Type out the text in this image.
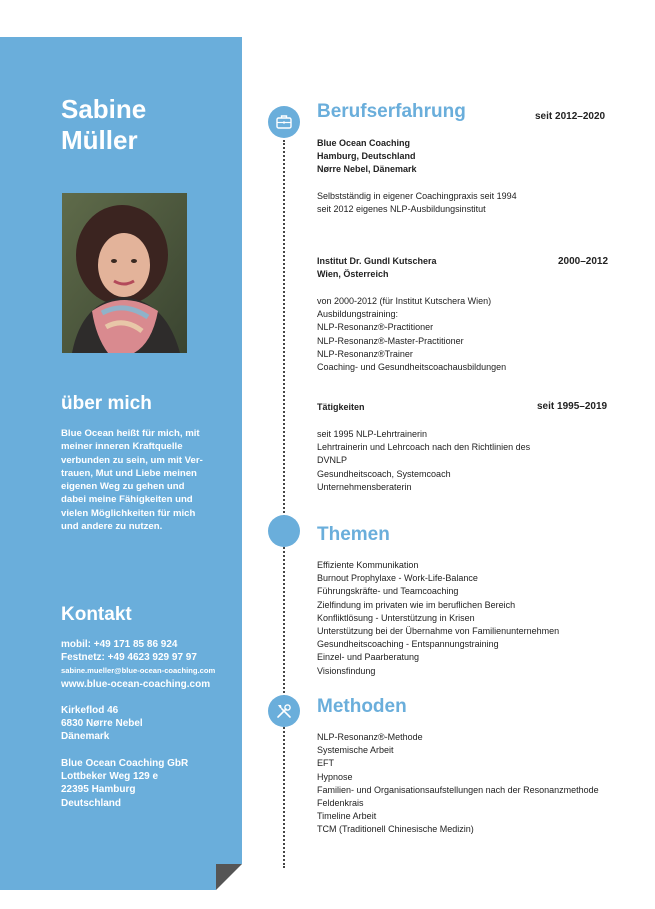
Sabine
Müller
über mich
Blue Ocean heißt für mich, mit
meiner inneren Kraftquelle
verbunden zu sein, um mit Ver-
trauen, Mut und Liebe meinen
eigenen Weg zu gehen und
dabei meine Fähigkeiten und
vielen Möglichkeiten für mich
und andere zu nutzen.
Kontakt
mobil: +49 171 85 86 924
Festnetz: +49 4623 929 97 97
sabine.mueller@blue-ocean-coaching.com
www.blue-ocean-coaching.com
Kirkeflod 46
6830 Nørre Nebel
Dänemark
Blue Ocean Coaching GbR
Lottbeker Weg 129 e
22395 Hamburg
Deutschland
Berufserfahrung	seit 2012–2020
Blue Ocean Coaching
Hamburg, Deutschland
Nørre Nebel, Dänemark
Selbstständig in eigener Coachingpraxis seit 1994
seit 2012 eigenes NLP-Ausbildungsinstitut
2000–2012
Institut Dr. Gundl Kutschera
Wien, Österreich
von 2000-2012 (für Institut Kutschera Wien)
Ausbildungstraining:
NLP-Resonanz®-Practitioner
NLP-Resonanz®-Master-Practitioner
NLP-Resonanz®Trainer
Coaching- und Gesundheitscoachausbildungen
seit 1995–2019
Tätigkeiten
seit 1995 NLP-Lehrtrainerin
Lehrtrainerin und Lehrcoach nach den Richtlinien des
DVNLP
Gesundheitscoach, Systemcoach
Unternehmensberaterin
Themen
Effiziente Kommunikation
Burnout Prophylaxe - Work-Life-Balance
Führungskräfte- und Teamcoaching
Zielfindung im privaten wie im beruflichen Bereich
Konfliktlösung - Unterstützung in Krisen
Unterstützung bei der Übernahme von Familienunternehmen
Gesundheitscoaching - Entspannungstraining
Einzel- und Paarberatung
Visionsfindung
Methoden
NLP-Resonanz®-Methode
Systemische Arbeit
EFT
Hypnose
Familien- und Organisationsaufstellungen nach der Resonanzmethode
Feldenkrais
Timeline Arbeit
TCM (Traditionell Chinesische Medizin)
